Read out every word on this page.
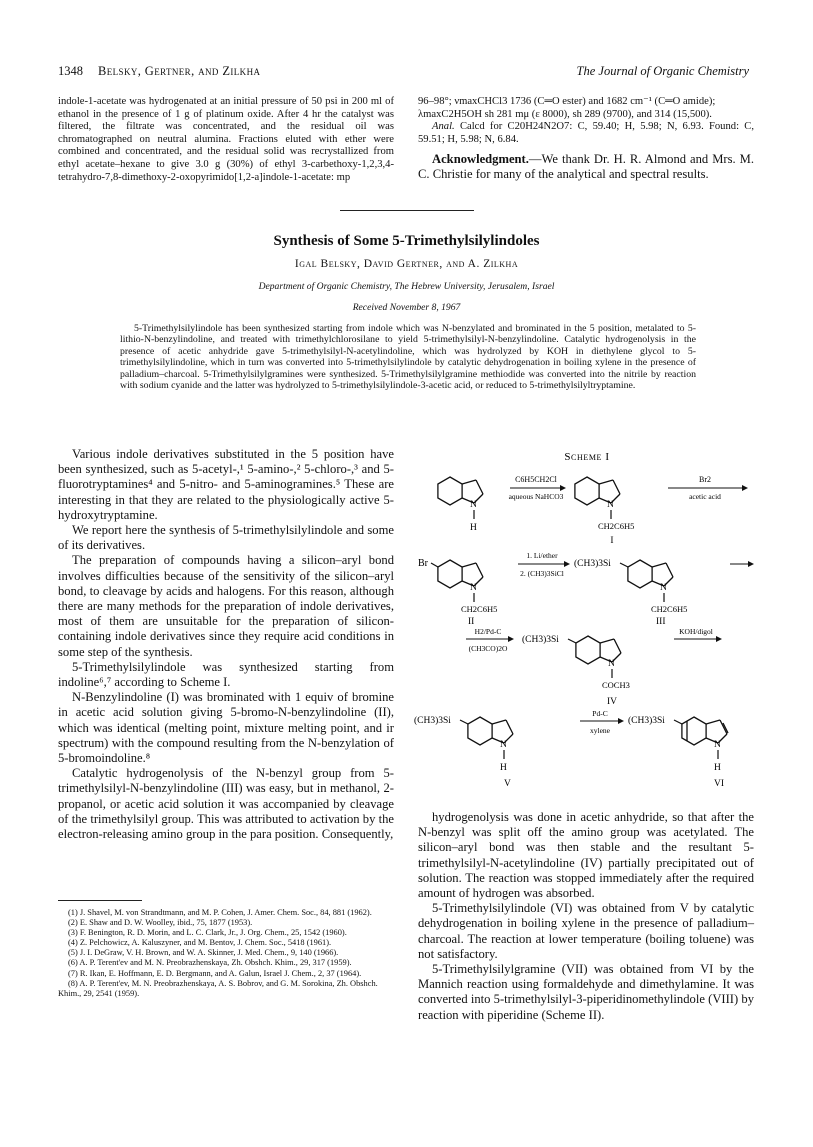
1348 Belsky, Gertner, and Zilkha	The Journal of Organic Chemistry

indole-1-acetate was hydrogenated at an initial pressure of 50 psi in 200 ml of ethanol in the presence of 1 g of platinum oxide. After 4 hr the catalyst was filtered, the filtrate was concentrated, and the residual oil was chromatographed on neutral alumina. Fractions eluted with ether were combined and concentrated, and the residual solid was recrystallized from ethyl acetate–hexane to give 3.0 g (30%) of ethyl 3-carbethoxy-1,2,3,4-tetrahydro-7,8-dimethoxy-2-oxopyrimido[1,2-a]indole-1-acetate: mp

96–98°; νmaxCHCl3 1736 (C═O ester) and 1682 cm⁻¹ (C═O amide);

λmaxC2H5OH sh 281 mμ (ε 8000), sh 289 (9700), and 314 (15,500).

Anal. Calcd for C20H24N2O7: C, 59.40; H, 5.98; N, 6.93. Found: C, 59.51; H, 5.98; N, 6.84.

Acknowledgment.—We thank Dr. H. R. Almond and Mrs. M. C. Christie for many of the analytical and spectral results.

Synthesis of Some 5-Trimethylsilylindoles
Igal Belsky, David Gertner, and A. Zilkha
Department of Organic Chemistry, The Hebrew University, Jerusalem, Israel
Received November 8, 1967
5-Trimethylsilylindole has been synthesized starting from indole which was N-benzylated and brominated in the 5 position, metalated to 5-lithio-N-benzylindoline, and treated with trimethylchlorosilane to yield 5-trimethylsilyl-N-benzylindoline. Catalytic hydrogenolysis in the presence of acetic anhydride gave 5-trimethylsilyl-N-acetylindoline, which was hydrolyzed by KOH in diethylene glycol to 5-trimethylsilylindoline, which in turn was converted into 5-trimethylsilylindole by catalytic dehydrogenation in boiling xylene in the presence of palladium–charcoal. 5-Trimethylsilylgramines were synthesized. 5-Trimethylsilylgramine methiodide was converted into the nitrile by reaction with sodium cyanide and the latter was hydrolyzed to 5-trimethylsilylindole-3-acetic acid, or reduced to 5-trimethylsilyltryptamine.

Various indole derivatives substituted in the 5 position have been synthesized, such as 5-acetyl-,¹ 5-amino-,² 5-chloro-,³ and 5-fluorotryptamines⁴ and 5-nitro- and 5-aminogramines.⁵ These are interesting in that they are related to the physiologically active 5-hydroxytryptamine.

We report here the synthesis of 5-trimethylsilylindole and some of its derivatives.

The preparation of compounds having a silicon–aryl bond involves difficulties because of the sensitivity of the silicon–aryl bond, to cleavage by acids and halogens. For this reason, although there are many methods for the preparation of indole derivatives, most of them are unsuitable for the preparation of silicon-containing indole derivatives since they require acid conditions in some step of the synthesis.

5-Trimethylsilylindole was synthesized starting from indoline⁶,⁷ according to Scheme I.

N-Benzylindoline (I) was brominated with 1 equiv of bromine in acetic acid solution giving 5-bromo-N-benzylindoline (II), which was identical (melting point, mixture melting point, and ir spectrum) with the compound resulting from the N-benzylation of 5-bromoindoline.⁸

Catalytic hydrogenolysis of the N-benzyl group from 5-trimethylsilyl-N-benzylindoline (III) was easy, but in methanol, 2-propanol, or acetic acid solution it was accompanied by cleavage of the trimethylsilyl group. This was attributed to activation by the electron-releasing amino group in the para position. Consequently,

(1) J. Shavel, M. von Strandtmann, and M. P. Cohen, J. Amer. Chem. Soc., 84, 881 (1962).
(2) E. Shaw and D. W. Woolley, ibid., 75, 1877 (1953).
(3) F. Benington, R. D. Morin, and L. C. Clark, Jr., J. Org. Chem., 25, 1542 (1960).
(4) Z. Pelchowicz, A. Kaluszyner, and M. Bentov, J. Chem. Soc., 5418 (1961).
(5) J. I. DeGraw, V. H. Brown, and W. A. Skinner, J. Med. Chem., 9, 140 (1966).
(6) A. P. Terent'ev and M. N. Preobrazhenskaya, Zh. Obshch. Khim., 29, 317 (1959).
(7) R. Ikan, E. Hoffmann, E. D. Bergmann, and A. Galun, Israel J. Chem., 2, 37 (1964).
(8) A. P. Terent'ev, M. N. Preobrazhenskaya, A. S. Bobrov, and G. M. Sorokina, Zh. Obshch. Khim., 29, 2541 (1959).

hydrogenolysis was done in acetic anhydride, so that after the N-benzyl was split off the amino group was acetylated. The silicon–aryl bond was then stable and the resultant 5-trimethylsilyl-N-acetylindoline (IV) partially precipitated out of solution. The reaction was stopped immediately after the required amount of hydrogen was absorbed.

5-Trimethylsilylindole (VI) was obtained from V by catalytic dehydrogenation in boiling xylene in the presence of palladium–charcoal. The reaction at lower temperature (boiling toluene) was not satisfactory.

5-Trimethylsilylgramine (VII) was obtained from VI by the Mannich reaction using formaldehyde and dimethylamine. It was converted into 5-trimethylsilyl-3-piperidinomethylindole (VIII) by reaction with piperidine (Scheme II).

Scheme I
N
H
C6H5CH2Cl
aqueous NaHCO3
N
CH2C6H5
I
Br2
acetic acid
Br
N
CH2C6H5
II
1. Li/ether
2. (CH3)3SiCl
(CH3)3Si
N
CH2C6H5
III
H2/Pd-C
(CH3CO)2O
(CH3)3Si
N
COCH3
IV
KOH/digol
(CH3)3Si
N
H
V
Pd-C
xylene
(CH3)3Si
N
H
VI
